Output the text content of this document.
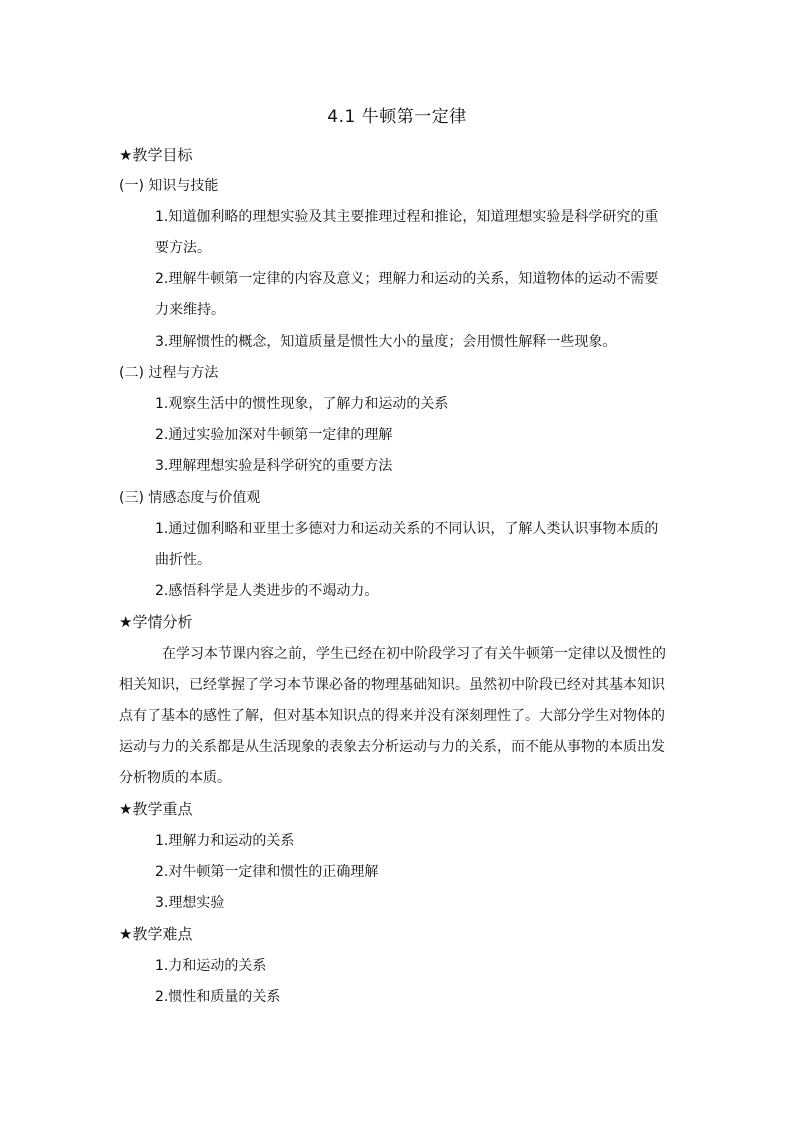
4.1 牛顿第一定律
★教学目标
(一) 知识与技能
1.知道伽利略的理想实验及其主要推理过程和推论，知道理想实验是科学研究的重
要方法。
2.理解牛顿第一定律的内容及意义；理解力和运动的关系，知道物体的运动不需要
力来维持。
3.理解惯性的概念，知道质量是惯性大小的量度；会用惯性解释一些现象。
(二) 过程与方法
1.观察生活中的惯性现象，了解力和运动的关系
2.通过实验加深对牛顿第一定律的理解
3.理解理想实验是科学研究的重要方法
(三) 情感态度与价值观
1.通过伽利略和亚里士多德对力和运动关系的不同认识，了解人类认识事物本质的
曲折性。
2.感悟科学是人类进步的不竭动力。
★学情分析
在学习本节课内容之前，学生已经在初中阶段学习了有关牛顿第一定律以及惯性的
相关知识，已经掌握了学习本节课必备的物理基础知识。虽然初中阶段已经对其基本知识
点有了基本的感性了解，但对基本知识点的得来并没有深刻理性了。大部分学生对物体的
运动与力的关系都是从生活现象的表象去分析运动与力的关系，而不能从事物的本质出发
分析物质的本质。
★教学重点
1.理解力和运动的关系
2.对牛顿第一定律和惯性的正确理解
3.理想实验
★教学难点
1.力和运动的关系
2.惯性和质量的关系
